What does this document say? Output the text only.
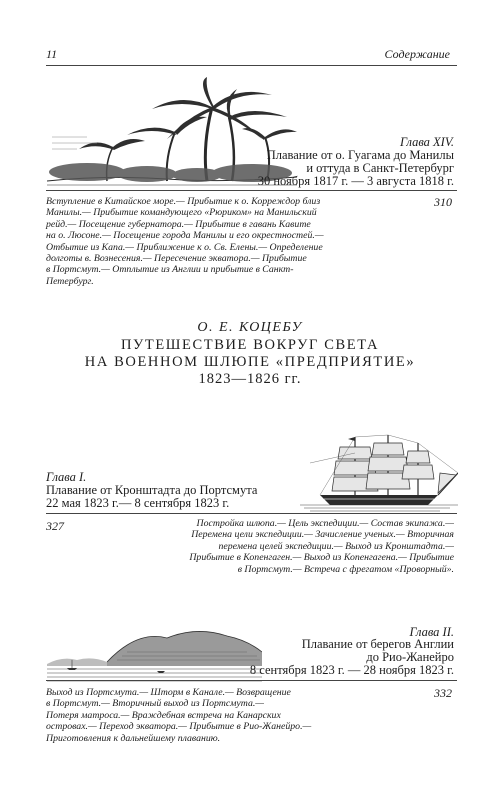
11	Содержание
Глава XIV.
Плавание от о. Гуагама до Манилы
и оттуда в Санкт-Петербург
30 ноября 1817 г. — 3 августа 1818 г.
310
Вступление в Китайское море.— Прибытие к о. Корреждор близ
Манилы.— Прибытие командующего «Рюриком» на Манильский
рейд.— Посещение губернатора.— Прибытие в гавань Кавите
на о. Люсоне.— Посещение города Манилы и его окрестностей.—
Отбытие из Капа.— Приближение к о. Св. Елены.— Определение
долготы в. Вознесения.— Пересечение экватора.— Прибытие
в Портсмут.— Отплытие из Англии и прибытие в Санкт-
Петербург.
О. Е. КОЦЕБУ
ПУТЕШЕСТВИЕ ВОКРУГ СВЕТА
НА ВОЕННОМ ШЛЮПЕ «ПРЕДПРИЯТИЕ»
1823—1826 гг.
Глава I.
Плавание от Кронштадта до Портсмута
22 мая 1823 г.— 8 сентября 1823 г.
327	Постройка шлюпа.— Цель экспедиции.— Состав экипажа.—
Перемена цели экспедиции.— Зачисление ученых.— Вторичная
перемена целей экспедиции.— Выход из Кронштадта.—
Прибытие в Копенгаген.— Выход из Копенгагена.— Прибытие
в Портсмут.— Встреча с фрегатом «Проворный».
Глава II.
Плавание от берегов Англии
до Рио-Жанейро
8 сентября 1823 г. — 28 ноября 1823 г.
332
Выход из Портсмута.— Шторм в Канале.— Возвращение
в Портсмут.— Вторичный выход из Портсмута.—
Потеря матроса.— Враждебная встреча на Канарских
островах.— Переход экватора.— Прибытие в Рио-Жанейро.—
Приготовления к дальнейшему плаванию.
